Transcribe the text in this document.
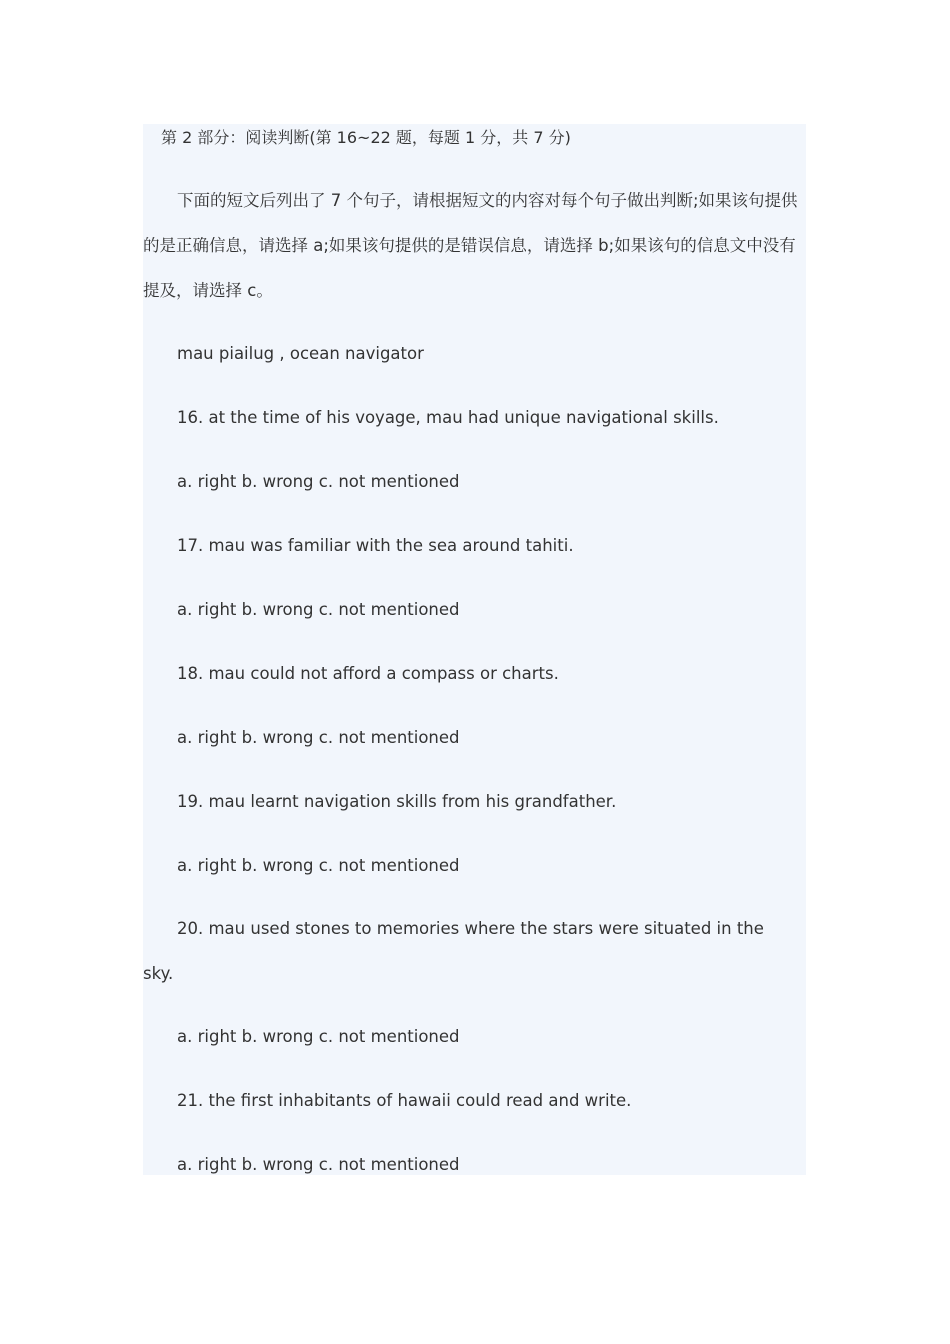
第 2 部分：阅读判断(第 16~22 题，每题 1 分，共 7 分)

下面的短文后列出了 7 个句子，请根据短文的内容对每个句子做出判断;如果该句提供
的是正确信息，请选择 a;如果该句提供的是错误信息，请选择 b;如果该句的信息文中没有
提及，请选择 c。

mau piailug , ocean navigator

16. at the time of his voyage, mau had unique navigational skills.

a. right b. wrong c. not mentioned

17. mau was familiar with the sea around tahiti.

a. right b. wrong c. not mentioned

18. mau could not afford a compass or charts.

a. right b. wrong c. not mentioned

19. mau learnt navigation skills from his grandfather.

a. right b. wrong c. not mentioned

20. mau used stones to memories where the stars were situated in the
sky.

a. right b. wrong c. not mentioned

21. the first inhabitants of hawaii could read and write.

a. right b. wrong c. not mentioned
